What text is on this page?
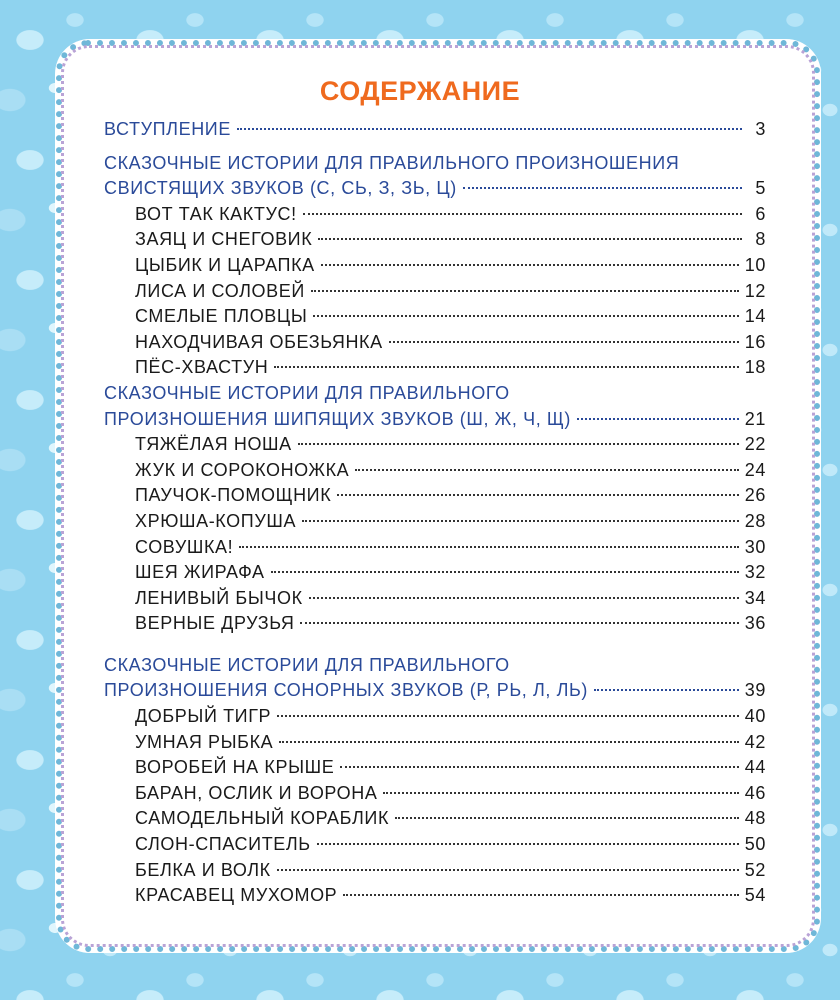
СОДЕРЖАНИЕ
ВСТУПЛЕНИЕ	3
СКАЗОЧНЫЕ ИСТОРИИ ДЛЯ ПРАВИЛЬНОГО ПРОИЗНОШЕНИЯ
СВИСТЯЩИХ ЗВУКОВ (С, СЬ, З, ЗЬ, Ц)	5
ВОТ ТАК КАКТУС!	6
ЗАЯЦ И СНЕГОВИК	8
ЦЫБИК И ЦАРАПКА	10
ЛИСА И СОЛОВЕЙ	12
СМЕЛЫЕ ПЛОВЦЫ	14
НАХОДЧИВАЯ ОБЕЗЬЯНКА	16
ПЁС-ХВАСТУН	18
СКАЗОЧНЫЕ ИСТОРИИ ДЛЯ ПРАВИЛЬНОГО
ПРОИЗНОШЕНИЯ ШИПЯЩИХ ЗВУКОВ (Ш, Ж, Ч, Щ)	21
ТЯЖЁЛАЯ НОША	22
ЖУК И СОРОКОНОЖКА	24
ПАУЧОК-ПОМОЩНИК	26
ХРЮША-КОПУША	28
СОВУШКА!	30
ШЕЯ ЖИРАФА	32
ЛЕНИВЫЙ БЫЧОК	34
ВЕРНЫЕ ДРУЗЬЯ	36
СКАЗОЧНЫЕ ИСТОРИИ ДЛЯ ПРАВИЛЬНОГО
ПРОИЗНОШЕНИЯ СОНОРНЫХ ЗВУКОВ (Р, РЬ, Л, ЛЬ)	39
ДОБРЫЙ ТИГР	40
УМНАЯ РЫБКА	42
ВОРОБЕЙ НА КРЫШЕ	44
БАРАН, ОСЛИК И ВОРОНА	46
САМОДЕЛЬНЫЙ КОРАБЛИК	48
СЛОН-СПАСИТЕЛЬ	50
БЕЛКА И ВОЛК	52
КРАСАВЕЦ МУХОМОР	54
